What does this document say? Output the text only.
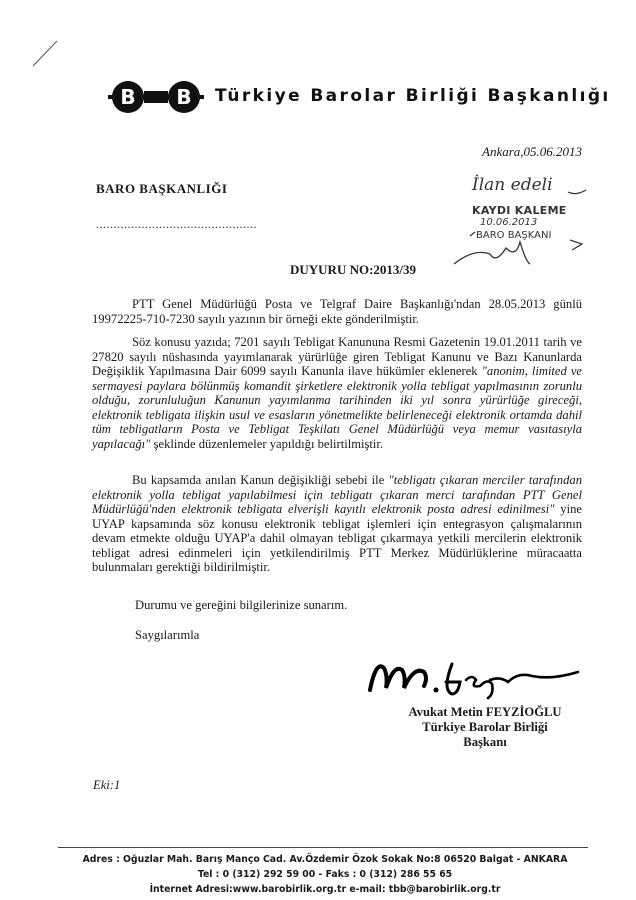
B B Türkiye Barolar Birliği Başkanlığı
Ankara,05.06.2013
BARO BAŞKANLIĞI
..............................................
İlan edeli
KAYDI KALEME
10.06.2013
BARO BAŞKANI
DUYURU NO:2013/39
PTT Genel Müdürlüğü Posta ve Telgraf Daire Başkanlığı'ndan 28.05.2013 günlü 19972225-710-7230 sayılı yazının bir örneği ekte gönderilmiştir.
Söz konusu yazıda; 7201 sayılı Tebligat Kanununa Resmi Gazetenin 19.01.2011 tarih ve 27820 sayılı nüshasında yayımlanarak yürürlüğe giren Tebligat Kanunu ve Bazı Kanunlarda Değişiklik Yapılmasına Dair 6099 sayılı Kanunla ilave hükümler eklenerek "anonim, limited ve sermayesi paylara bölünmüş komandit şirketlere elektronik yolla tebligat yapılmasının zorunlu olduğu, zorunluluğun Kanunun yayımlanma tarihinden iki yıl sonra yürürlüğe gireceği, elektronik tebligata ilişkin usul ve esasların yönetmelikte belirleneceği elektronik ortamda dahil tüm tebligatların Posta ve Tebligat Teşkilatı Genel Müdürlüğü veya memur vasıtasıyla yapılacağı" şeklinde düzenlemeler yapıldığı belirtilmiştir.
Bu kapsamda anılan Kanun değişikliği sebebi ile "tebligatı çıkaran merciler tarafından elektronik yolla tebligat yapılabilmesi için tebligatı çıkaran merci tarafından PTT Genel Müdürlüğü'nden elektronik tebligata elverişli kayıtlı elektronik posta adresi edinilmesi" yine UYAP kapsamında söz konusu elektronik tebligat işlemleri için entegrasyon çalışmalarının devam etmekte olduğu UYAP'a dahil olmayan tebligat çıkarmaya yetkili mercilerin elektronik tebligat adresi edinmeleri için yetkilendirilmiş PTT Merkez Müdürlüklerine müracaatta bulunmaları gerektiği bildirilmiştir.
Durumu ve gereğini bilgilerinize sunarım.
Saygılarımla
Avukat Metin FEYZİOĞLU
Türkiye Barolar Birliği
Başkanı
Eki:1
Adres : Oğuzlar Mah. Barış Manço Cad. Av.Özdemir Özok Sokak No:8 06520 Balgat - ANKARA
Tel : 0 (312) 292 59 00 - Faks : 0 (312) 286 55 65
İnternet Adresi:www.barobirlik.org.tr e-mail: tbb@barobirlik.org.tr
